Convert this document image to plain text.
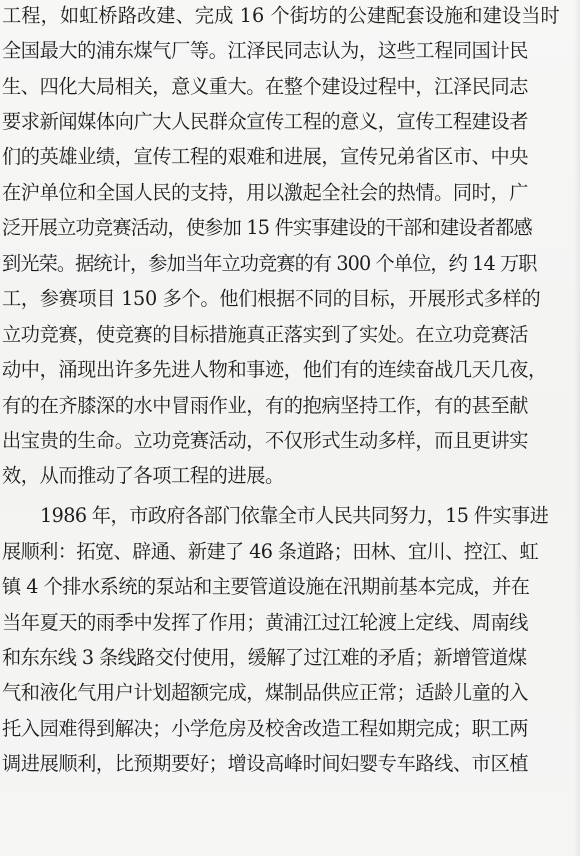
工程，如虹桥路改建、完成 16 个街坊的公建配套设施和建设当时
全国最大的浦东煤气厂等。江泽民同志认为，这些工程同国计民
生、四化大局相关，意义重大。在整个建设过程中，江泽民同志
要求新闻媒体向广大人民群众宣传工程的意义，宣传工程建设者
们的英雄业绩，宣传工程的艰难和进展，宣传兄弟省区市、中央
在沪单位和全国人民的支持，用以激起全社会的热情。同时，广
泛开展立功竞赛活动，使参加 15 件实事建设的干部和建设者都感
到光荣。据统计，参加当年立功竞赛的有 300 个单位，约 14 万职
工，参赛项目 150 多个。他们根据不同的目标，开展形式多样的
立功竞赛，使竞赛的目标措施真正落实到了实处。在立功竞赛活
动中，涌现出许多先进人物和事迹，他们有的连续奋战几天几夜，
有的在齐膝深的水中冒雨作业，有的抱病坚持工作，有的甚至献
出宝贵的生命。立功竞赛活动，不仅形式生动多样，而且更讲实
效，从而推动了各项工程的进展。
1986 年，市政府各部门依靠全市人民共同努力，15 件实事进
展顺利：拓宽、辟通、新建了 46 条道路；田林、宜川、控江、虹
镇 4 个排水系统的泵站和主要管道设施在汛期前基本完成，并在
当年夏天的雨季中发挥了作用；黄浦江过江轮渡上定线、周南线
和东东线 3 条线路交付使用，缓解了过江难的矛盾；新增管道煤
气和液化气用户计划超额完成，煤制品供应正常；适龄儿童的入
托入园难得到解决；小学危房及校舍改造工程如期完成；职工两
调进展顺利，比预期要好；增设高峰时间妇婴专车路线、市区植
